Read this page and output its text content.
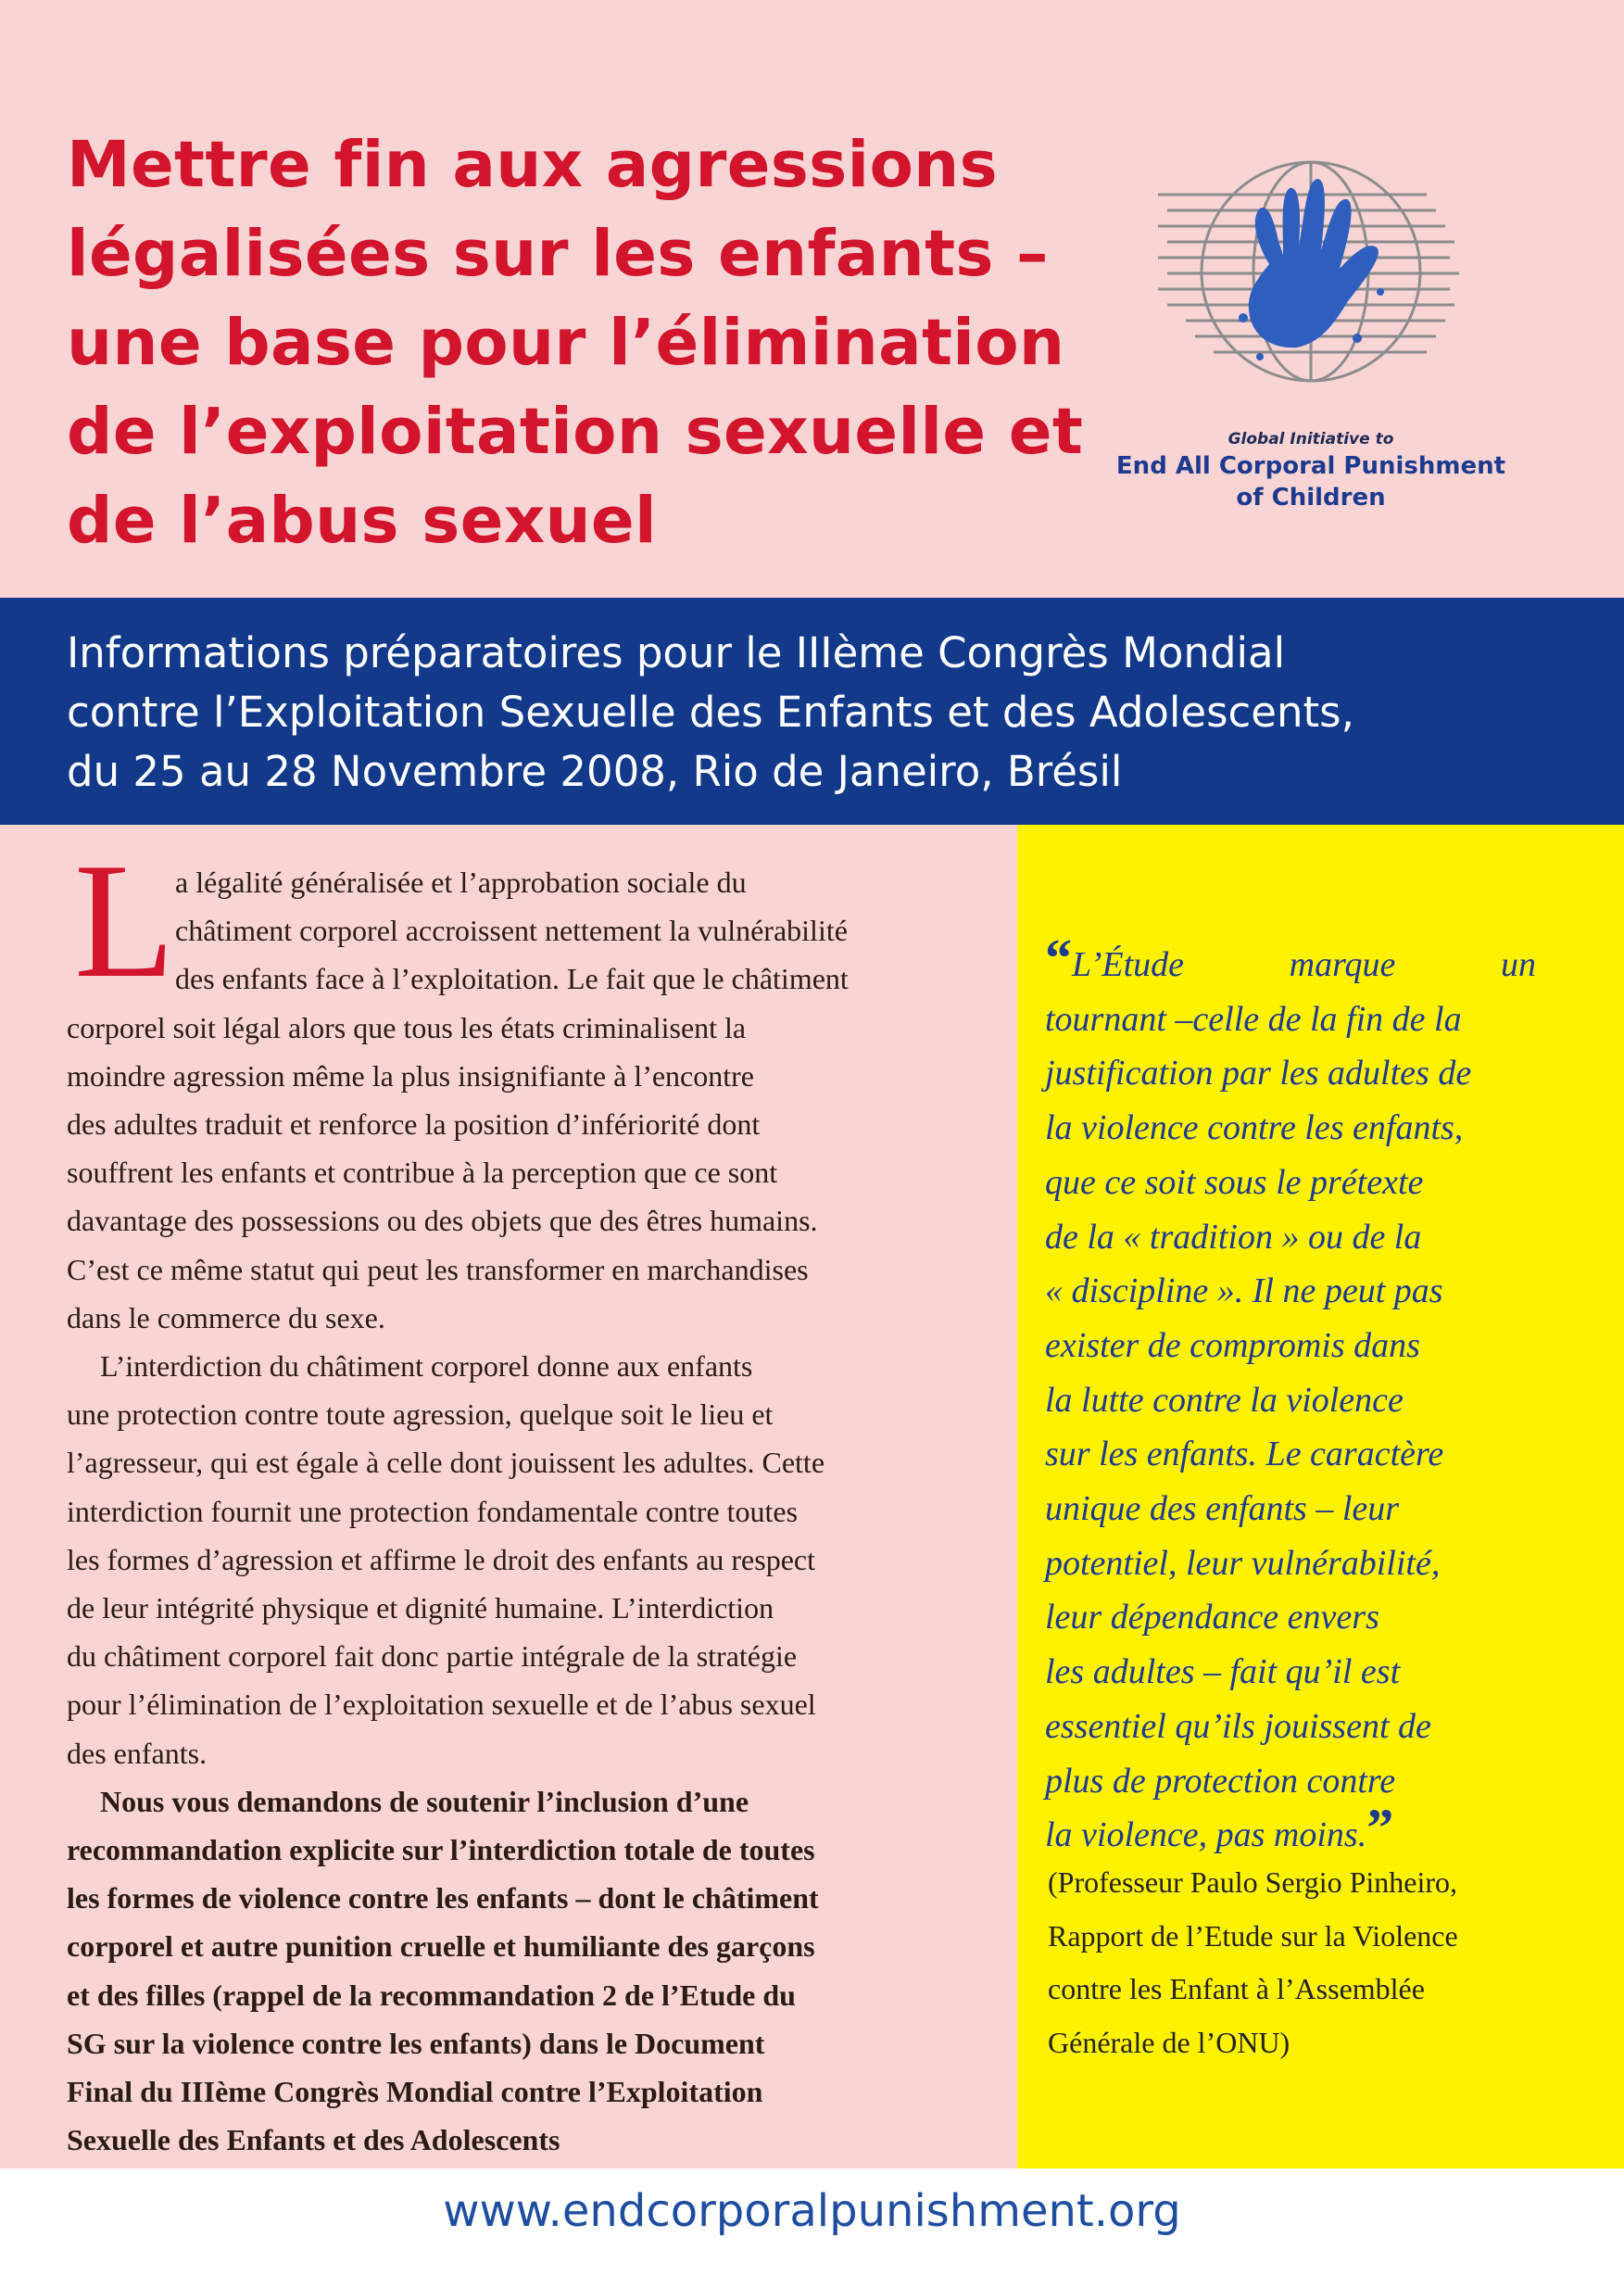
Mettre fin aux agressions
légalisées sur les enfants –
une base pour l’élimination
de l’exploitation sexuelle et
de l’abus sexuel
Global Initiative to
End All Corporal Punishment
of Children

Informations préparatoires pour le IIIème Congrès Mondial
contre l’Exploitation Sexuelle des Enfants et des Adolescents,
du 25 au 28 Novembre 2008, Rio de Janeiro, Brésil

L a légalité généralisée et l’approbation sociale du
châtiment corporel accroissent nettement la vulnérabilité
des enfants face à l’exploitation. Le fait que le châtiment
corporel soit légal alors que tous les états criminalisent la
moindre agression même la plus insignifiante à l’encontre
des adultes traduit et renforce la position d’infériorité dont
souffrent les enfants et contribue à la perception que ce sont
davantage des possessions ou des objets que des êtres humains.
C’est ce même statut qui peut les transformer en marchandises
dans le commerce du sexe.
L’interdiction du châtiment corporel donne aux enfants
une protection contre toute agression, quelque soit le lieu et
l’agresseur, qui est égale à celle dont jouissent les adultes. Cette
interdiction fournit une protection fondamentale contre toutes
les formes d’agression et affirme le droit des enfants au respect
de leur intégrité physique et dignité humaine. L’interdiction
du châtiment corporel fait donc partie intégrale de la stratégie
pour l’élimination de l’exploitation sexuelle et de l’abus sexuel
des enfants.
Nous vous demandons de soutenir l’inclusion d’une
recommandation explicite sur l’interdiction totale de toutes
les formes de violence contre les enfants – dont le châtiment
corporel et autre punition cruelle et humiliante des garçons
et des filles (rappel de la recommandation 2 de l’Etude du
SG sur la violence contre les enfants) dans le Document
Final du IIIème Congrès Mondial contre l’Exploitation
Sexuelle des Enfants et des Adolescents
“L’Étude	marque	un
tournant –celle de la fin de la
justification par les adultes de
la violence contre les enfants,
que ce soit sous le prétexte
de la « tradition » ou de la
« discipline ». Il ne peut pas
exister de compromis dans
la lutte contre la violence
sur les enfants. Le caractère
unique des enfants – leur
potentiel, leur vulnérabilité,
leur dépendance envers
les adultes – fait qu’il est
essentiel qu’ils jouissent de
plus de protection contre
la violence, pas moins.”
(Professeur Paulo Sergio Pinheiro,
Rapport de l’Etude sur la Violence
contre les Enfant à l’Assemblée
Générale de l’ONU)
www.endcorporalpunishment.org
